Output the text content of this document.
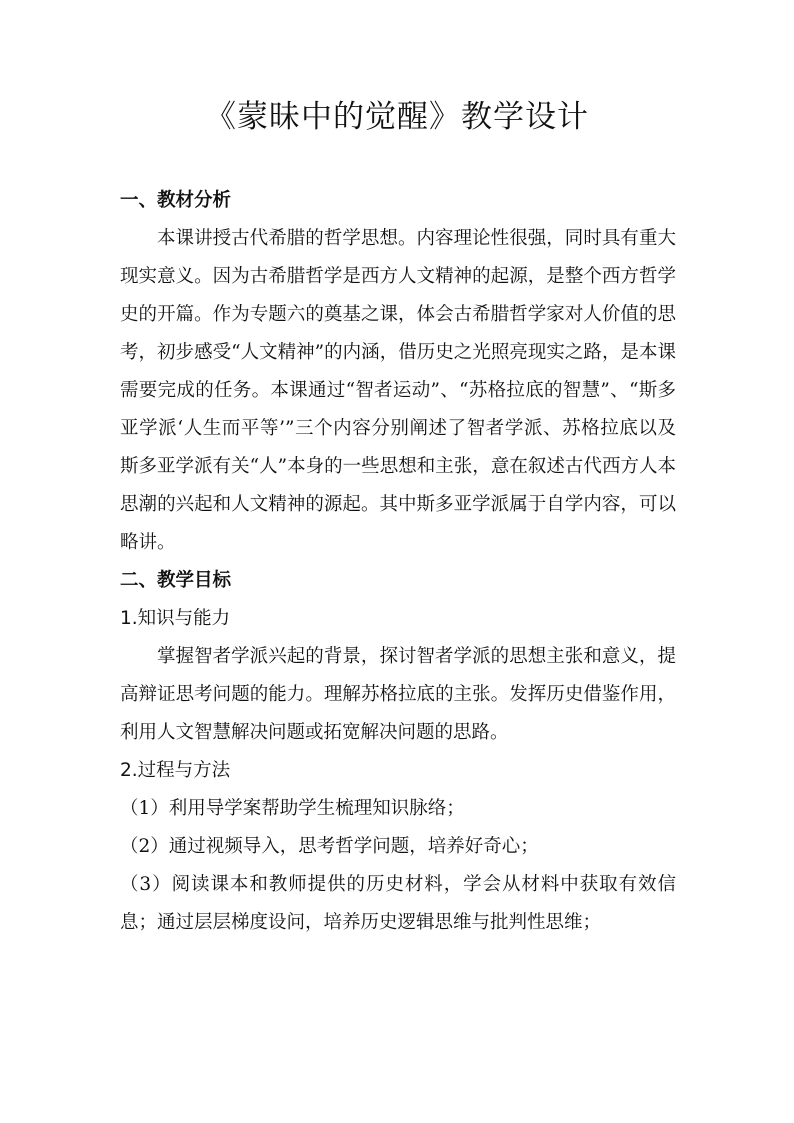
《蒙昧中的觉醒》教学设计

一、教材分析

本课讲授古代希腊的哲学思想。内容理论性很强，同时具有重大现实意义。因为古希腊哲学是西方人文精神的起源，是整个西方哲学史的开篇。作为专题六的奠基之课，体会古希腊哲学家对人价值的思考，初步感受“人文精神”的内涵，借历史之光照亮现实之路，是本课需要完成的任务。本课通过“智者运动”、“苏格拉底的智慧”、“斯多亚学派‘人生而平等’”三个内容分别阐述了智者学派、苏格拉底以及斯多亚学派有关“人”本身的一些思想和主张，意在叙述古代西方人本思潮的兴起和人文精神的源起。其中斯多亚学派属于自学内容，可以略讲。

二、教学目标

1.知识与能力

掌握智者学派兴起的背景，探讨智者学派的思想主张和意义，提高辩证思考问题的能力。理解苏格拉底的主张。发挥历史借鉴作用，利用人文智慧解决问题或拓宽解决问题的思路。

2.过程与方法

（1）利用导学案帮助学生梳理知识脉络；

（2）通过视频导入，思考哲学问题，培养好奇心；

（3）阅读课本和教师提供的历史材料，学会从材料中获取有效信息；通过层层梯度设问，培养历史逻辑思维与批判性思维；
